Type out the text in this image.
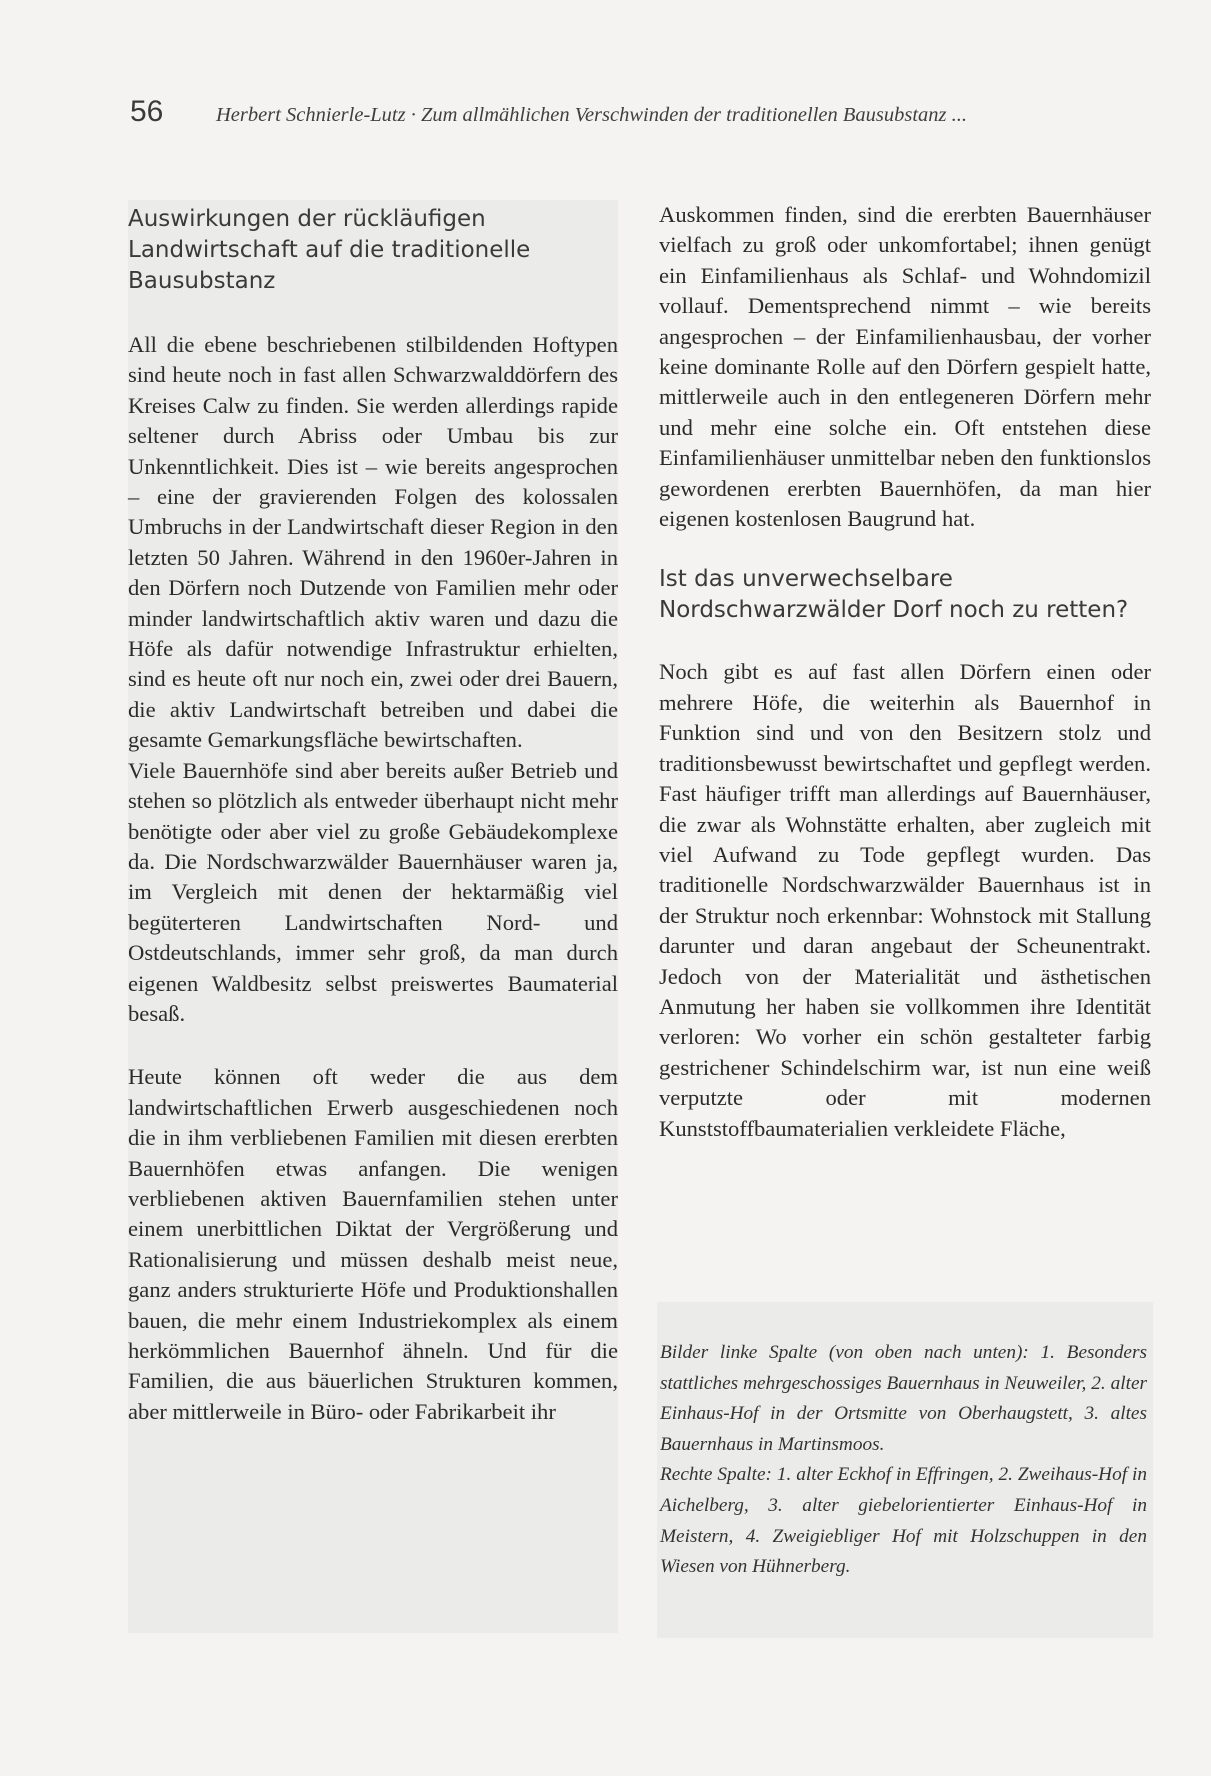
56	Herbert Schnierle-Lutz · Zum allmählichen Verschwinden der traditionellen Bausubstanz ...
Auswirkungen der rückläufigen Landwirtschaft auf die traditionelle Bausubstanz

All die ebene beschriebenen stilbildenden Hoftypen sind heute noch in fast allen Schwarzwalddörfern des Kreises Calw zu finden. Sie werden allerdings rapide seltener durch Abriss oder Umbau bis zur Unkenntlichkeit. Dies ist – wie bereits angesprochen – eine der gravierenden Folgen des kolossalen Umbruchs in der Landwirtschaft dieser Region in den letzten 50 Jahren. Während in den 1960er-Jahren in den Dörfern noch Dutzende von Familien mehr oder minder landwirtschaftlich aktiv waren und dazu die Höfe als dafür notwendige Infrastruktur erhielten, sind es heute oft nur noch ein, zwei oder drei Bauern, die aktiv Landwirtschaft betreiben und dabei die gesamte Gemarkungsfläche bewirtschaften.

Viele Bauernhöfe sind aber bereits außer Betrieb und stehen so plötzlich als entweder überhaupt nicht mehr benötigte oder aber viel zu große Gebäudekomplexe da. Die Nordschwarzwälder Bauernhäuser waren ja, im Vergleich mit denen der hektarmäßig viel begüterteren Landwirtschaften Nord- und Ostdeutschlands, immer sehr groß, da man durch eigenen Waldbesitz selbst preiswertes Baumaterial besaß.

Heute können oft weder die aus dem landwirtschaftlichen Erwerb ausgeschiedenen noch die in ihm verbliebenen Familien mit diesen ererbten Bauernhöfen etwas anfangen. Die wenigen verbliebenen aktiven Bauernfamilien stehen unter einem unerbittlichen Diktat der Vergrößerung und Rationalisierung und müssen deshalb meist neue, ganz anders strukturierte Höfe und Produktionshallen bauen, die mehr einem Industriekomplex als einem herkömmlichen Bauernhof ähneln. Und für die Familien, die aus bäuerlichen Strukturen kommen, aber mittlerweile in Büro- oder Fabrikarbeit ihr

Auskommen finden, sind die ererbten Bauernhäuser vielfach zu groß oder unkomfortabel; ihnen genügt ein Einfamilienhaus als Schlaf- und Wohndomizil vollauf. Dementsprechend nimmt – wie bereits angesprochen – der Einfamilienhausbau, der vorher keine dominante Rolle auf den Dörfern gespielt hatte, mittlerweile auch in den entlegeneren Dörfern mehr und mehr eine solche ein. Oft entstehen diese Einfamilienhäuser unmittelbar neben den funktionslos gewordenen ererbten Bauernhöfen, da man hier eigenen kostenlosen Baugrund hat.

Ist das unverwechselbare Nordschwarzwälder Dorf noch zu retten?

Noch gibt es auf fast allen Dörfern einen oder mehrere Höfe, die weiterhin als Bauernhof in Funktion sind und von den Besitzern stolz und traditionsbewusst bewirtschaftet und gepflegt werden. Fast häufiger trifft man allerdings auf Bauernhäuser, die zwar als Wohnstätte erhalten, aber zugleich mit viel Aufwand zu Tode gepflegt wurden. Das traditionelle Nordschwarzwälder Bauernhaus ist in der Struktur noch erkennbar: Wohnstock mit Stallung darunter und daran angebaut der Scheunentrakt. Jedoch von der Materialität und ästhetischen Anmutung her haben sie vollkommen ihre Identität verloren: Wo vorher ein schön gestalteter farbig gestrichener Schindelschirm war, ist nun eine weiß verputzte oder mit modernen Kunststoffbaumaterialien verkleidete Fläche,

Bilder linke Spalte (von oben nach unten): 1. Besonders stattliches mehrgeschossiges Bauernhaus in Neuweiler, 2. alter Einhaus-Hof in der Ortsmitte von Oberhaugstett, 3. altes Bauernhaus in Martinsmoos.

Rechte Spalte: 1. alter Eckhof in Effringen, 2. Zweihaus-Hof in Aichelberg, 3. alter giebelorientierter Einhaus-Hof in Meistern, 4. Zweigiebliger Hof mit Holzschuppen in den Wiesen von Hühnerberg.
